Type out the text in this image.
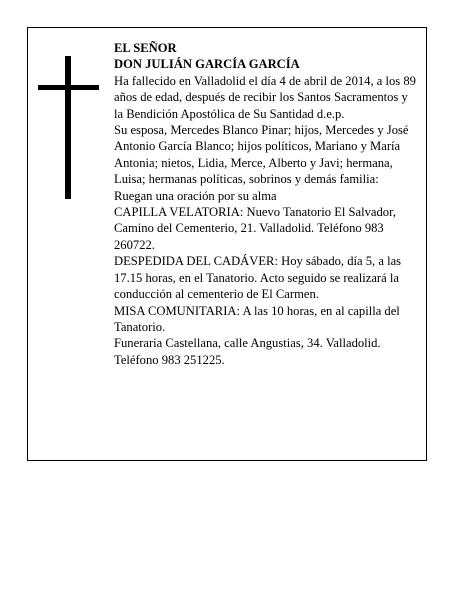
EL SEÑOR

DON JULIÁN GARCÍA GARCÍA

Ha fallecido en Valladolid el día 4 de abril de 2014, a los 89 años de edad, después de recibir los Santos Sacramentos y la Bendición Apostólica de Su Santidad d.e.p.

Su esposa, Mercedes Blanco Pinar; hijos, Mercedes y José Antonio García Blanco; hijos políticos, Mariano y María Antonia; nietos, Lidia, Merce, Alberto y Javi; hermana, Luisa; hermanas políticas, sobrinos y demás familia:

Ruegan una oración por su alma

CAPILLA VELATORIA: Nuevo Tanatorio El Salvador, Camino del Cementerio, 21. Valladolid. Teléfono 983 260722.

DESPEDIDA DEL CADÁVER: Hoy sábado, día 5, a las 17.15 horas, en el Tanatorio. Acto seguido se realizará la conducción al cementerio de El Carmen.

MISA COMUNITARIA: A las 10 horas, en al capilla del Tanatorio.

Funeraria Castellana, calle Angustias, 34. Valladolid. Teléfono 983 251225.
